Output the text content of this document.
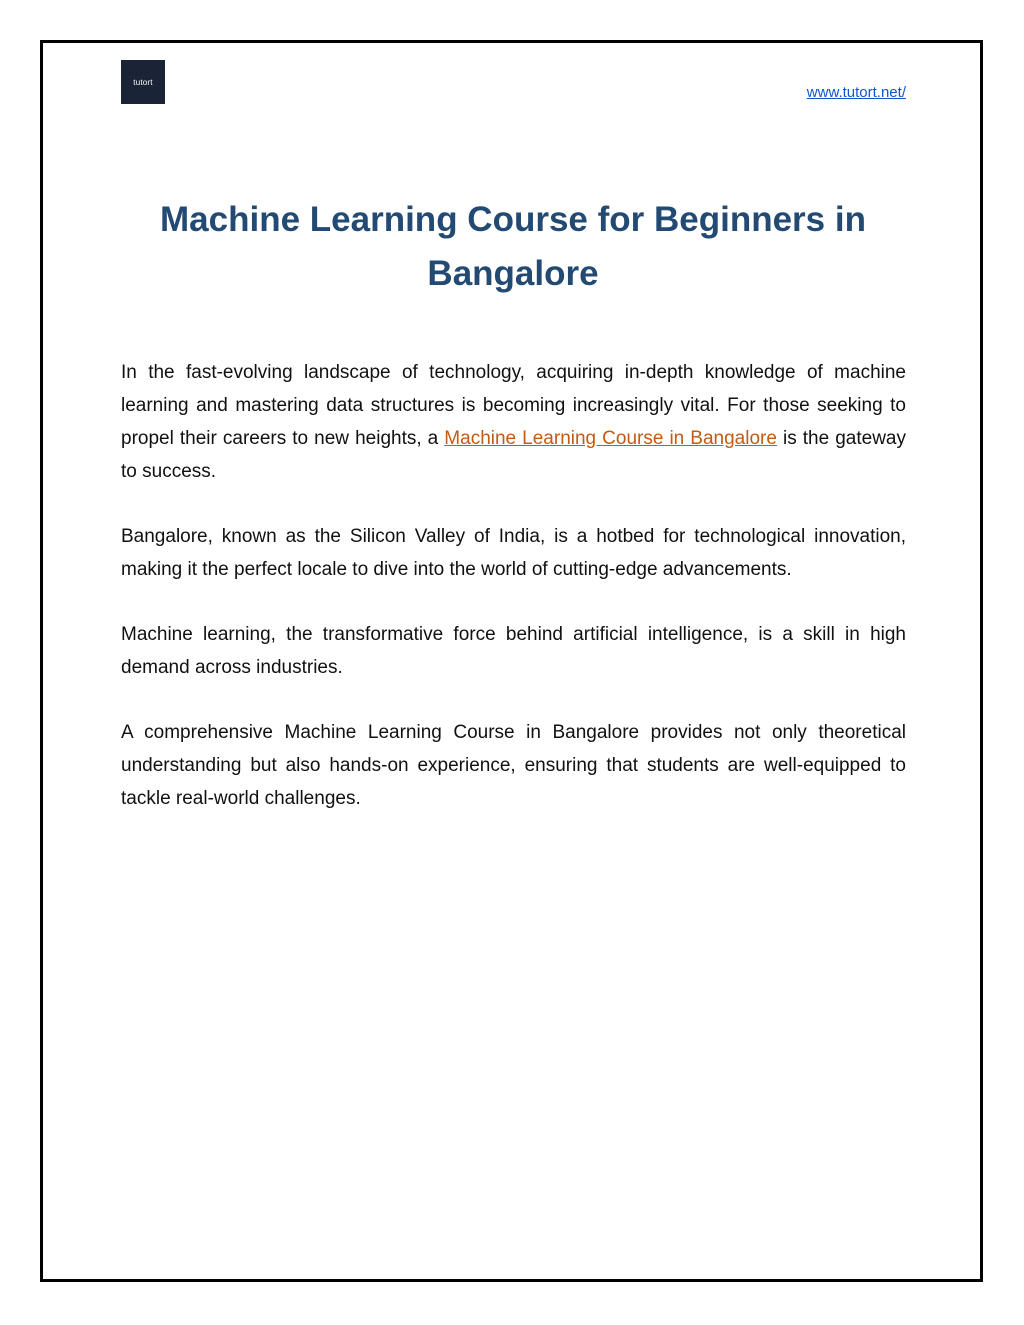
tutort
▲
www.tutort.net/
Machine Learning Course for Beginners in Bangalore

In the fast-evolving landscape of technology, acquiring in-depth knowledge of machine learning and mastering data structures is becoming increasingly vital. For those seeking to propel their careers to new heights, a Machine Learning Course in Bangalore is the gateway to success.

Bangalore, known as the Silicon Valley of India, is a hotbed for technological innovation, making it the perfect locale to dive into the world of cutting-edge advancements.

Machine learning, the transformative force behind artificial intelligence, is a skill in high demand across industries.

A comprehensive Machine Learning Course in Bangalore provides not only theoretical understanding but also hands-on experience, ensuring that students are well-equipped to tackle real-world challenges.
